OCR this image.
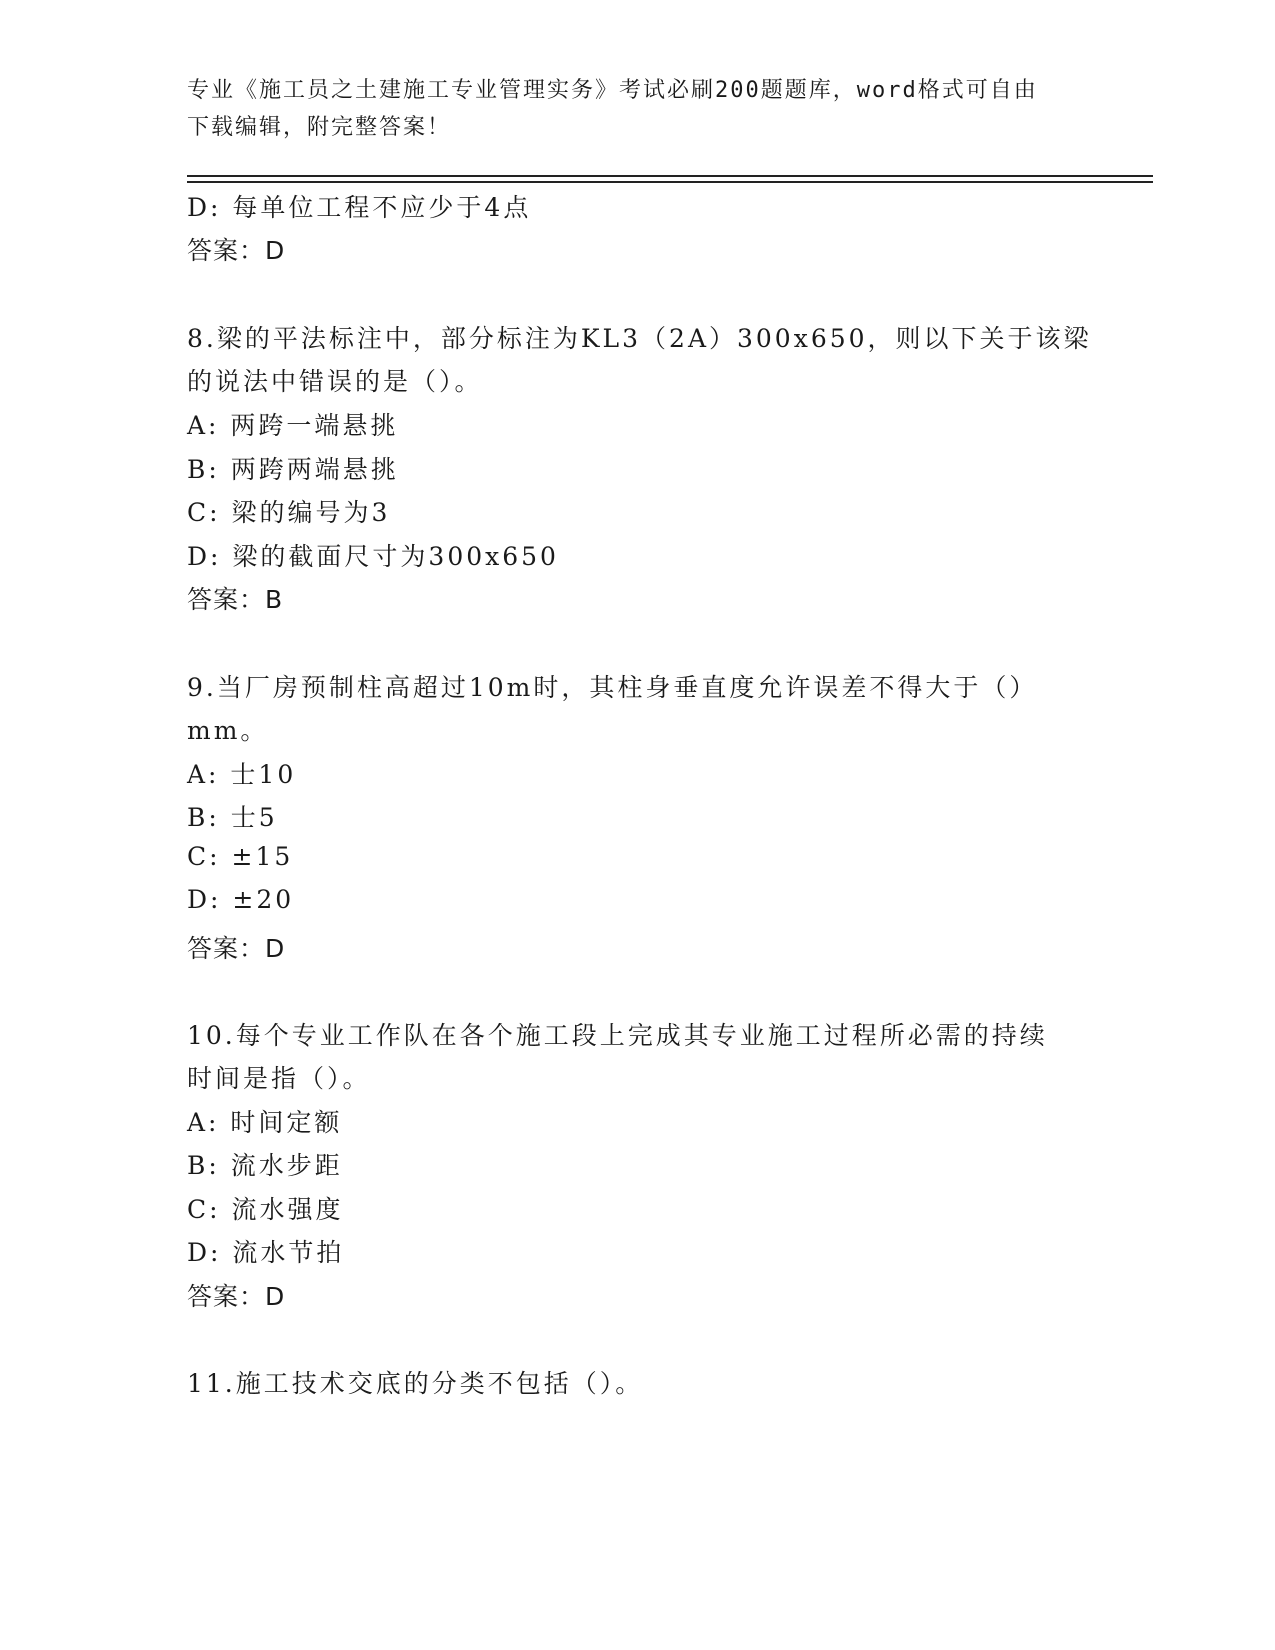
专业《施工员之土建施工专业管理实务》考试必刷200题题库，word格式可自由
下载编辑，附完整答案！
D: 每单位工程不应少于4点
答案：D
8.梁的平法标注中，部分标注为KL3（2A）300x650，则以下关于该梁
的说法中错误的是（）。
A: 两跨一端悬挑
B: 两跨两端悬挑
C: 梁的编号为3
D: 梁的截面尺寸为300x650
答案：B
9.当厂房预制柱高超过10m时，其柱身垂直度允许误差不得大于（）
mm。
A: 士10
B: 士5
C: ±15
D: ±20
答案：D
10.每个专业工作队在各个施工段上完成其专业施工过程所必需的持续
时间是指（）。
A: 时间定额
B: 流水步距
C: 流水强度
D: 流水节拍
答案：D
11.施工技术交底的分类不包括（）。
